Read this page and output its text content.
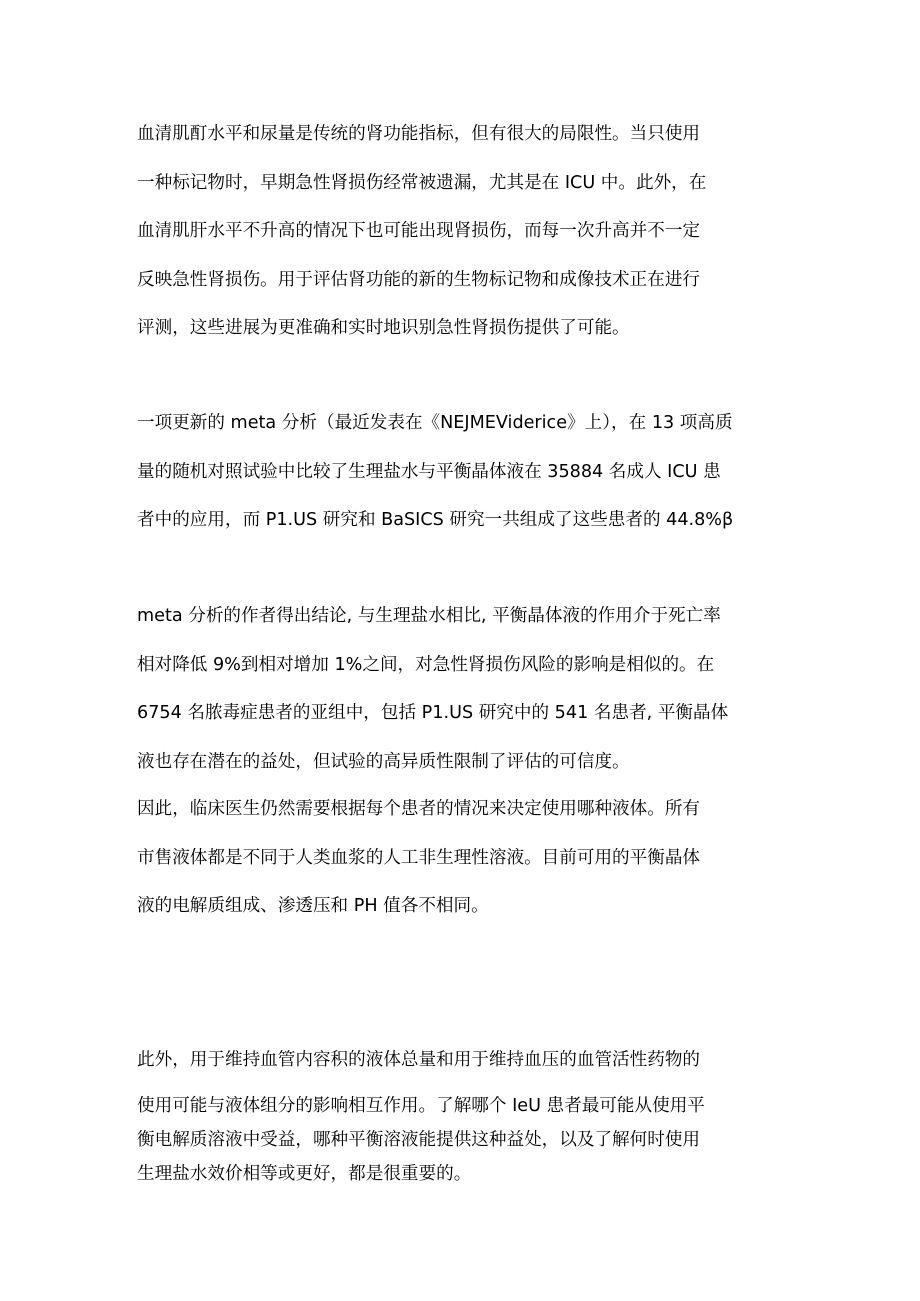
血清肌酊水平和尿量是传统的肾功能指标，但有很大的局限性。当只使用
一种标记物时，早期急性肾损伤经常被遗漏，尤其是在 ICU 中。此外，在
血清肌肝水平不升高的情况下也可能出现肾损伤，而每一次升高并不一定
反映急性肾损伤。用于评估肾功能的新的生物标记物和成像技术正在进行
评测，这些进展为更准确和实时地识别急性肾损伤提供了可能。

一项更新的 meta 分析（最近发表在《NEJMEViderice》上），在 13 项高质
量的随机对照试验中比较了生理盐水与平衡晶体液在 35884 名成人 ICU 患
者中的应用，而 P1.US 研究和 BaSICS 研究一共组成了这些患者的 44.8%β

meta 分析的作者得出结论, 与生理盐水相比, 平衡晶体液的作用介于死亡率
相对降低 9%到相对增加 1%之间，对急性肾损伤风险的影响是相似的。在
6754 名脓毒症患者的亚组中，包括 P1.US 研究中的 541 名患者, 平衡晶体
液也存在潜在的益处，但试验的高异质性限制了评估的可信度。

因此，临床医生仍然需要根据每个患者的情况来决定使用哪种液体。所有
市售液体都是不同于人类血浆的人工非生理性溶液。目前可用的平衡晶体
液的电解质组成、渗透压和 PH 值各不相同。

此外，用于维持血管内容积的液体总量和用于维持血压的血管活性药物的
使用可能与液体组分的影响相互作用。了解哪个 IeU 患者最可能从使用平
衡电解质溶液中受益，哪种平衡溶液能提供这种益处，以及了解何时使用
生理盐水效价相等或更好，都是很重要的。
